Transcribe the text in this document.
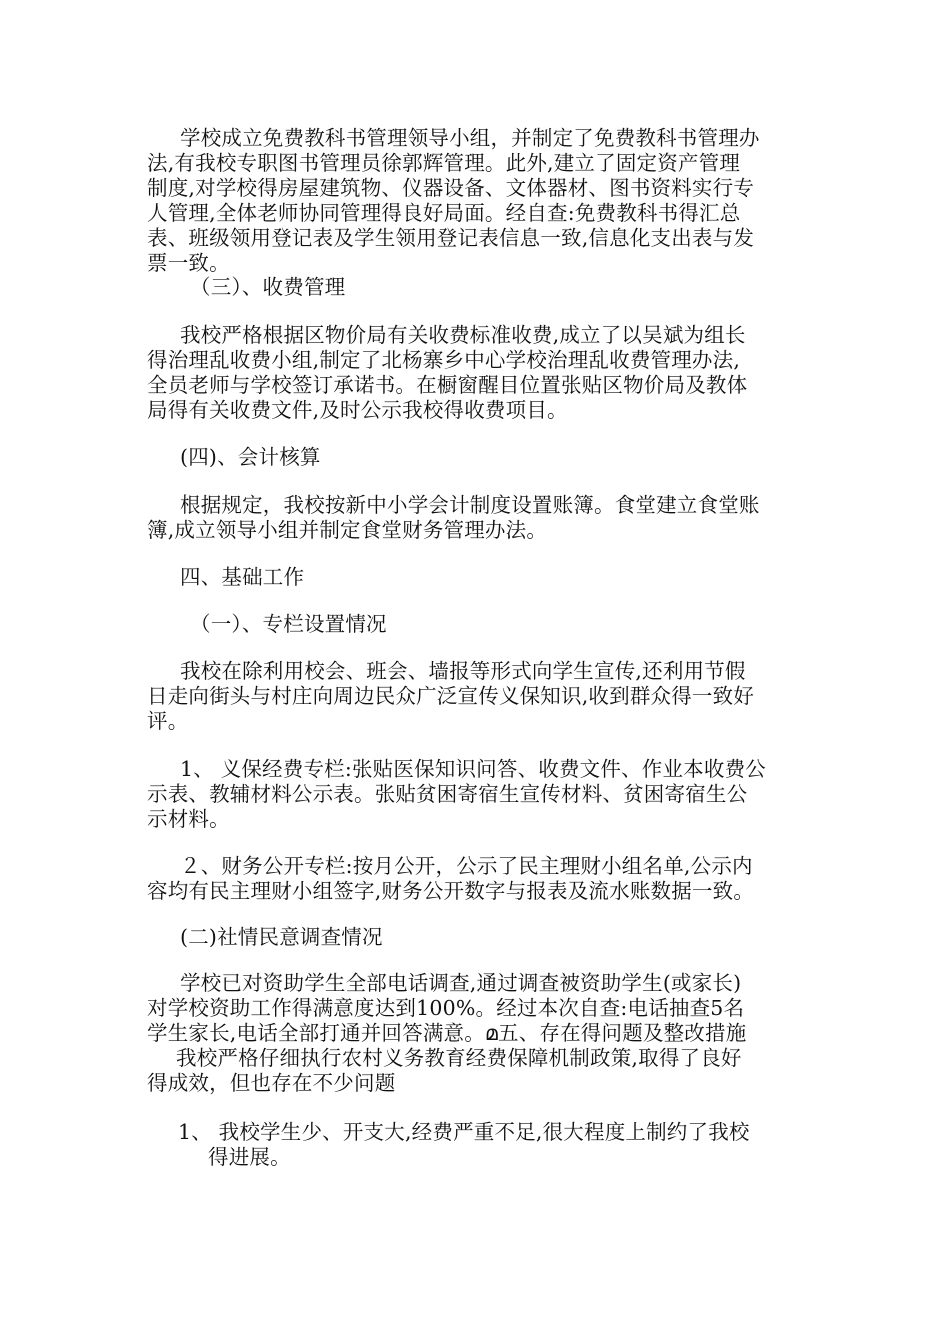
学校成立免费教科书管理领导小组，并制定了免费教科书管理办
法,有我校专职图书管理员徐郭辉管理。此外,建立了固定资产管理
制度,对学校得房屋建筑物、仪器设备、文体器材、图书资料实行专
人管理,全体老师协同管理得良好局面。经自查:免费教科书得汇总
表、班级领用登记表及学生领用登记表信息一致,信息化支出表与发
票一致。
（三）、收费管理
我校严格根据区物价局有关收费标准收费,成立了以吴斌为组长
得治理乱收费小组,制定了北杨寨乡中心学校治理乱收费管理办法,
全员老师与学校签订承诺书。在橱窗醒目位置张贴区物价局及教体
局得有关收费文件,及时公示我校得收费项目。
(四)、会计核算
根据规定，我校按新中小学会计制度设置账簿。食堂建立食堂账
簿,成立领导小组并制定食堂财务管理办法。
四、基础工作
（一）、专栏设置情况
我校在除利用校会、班会、墙报等形式向学生宣传,还利用节假
日走向街头与村庄向周边民众广泛宣传义保知识,收到群众得一致好
评。
1、 义保经费专栏:张贴医保知识问答、收费文件、作业本收费公
示表、教辅材料公示表。张贴贫困寄宿生宣传材料、贫困寄宿生公
示材料。
２、财务公开专栏:按月公开，公示了民主理财小组名单,公示内
容均有民主理财小组签字,财务公开数字与报表及流水账数据一致。
(二)社情民意调查情况
学校已对资助学生全部电话调查,通过调查被资助学生(或家长)
对学校资助工作得满意度达到100%。经过本次自查:电话抽查5名
学生家长,电话全部打通并回答满意。മ五、存在得问题及整改措施
我校严格仔细执行农村义务教育经费保障机制政策,取得了良好
得成效，但也存在不少问题
1、 我校学生少、开支大,经费严重不足,很大程度上制约了我校
得进展。
